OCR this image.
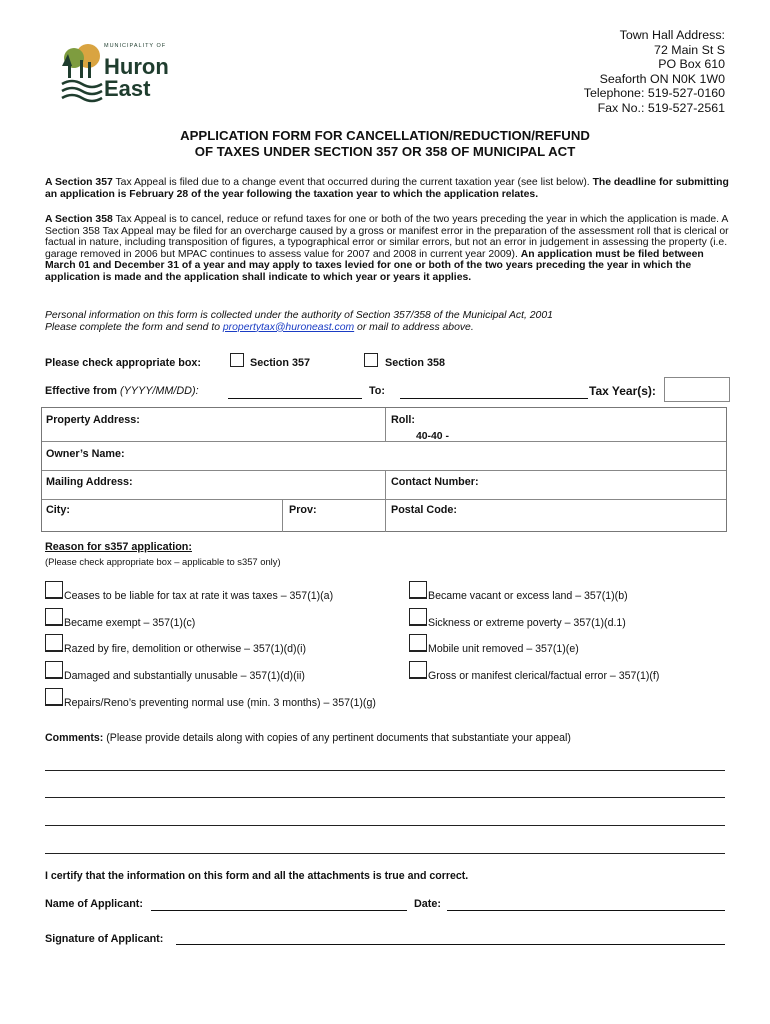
MUNICIPALITY OF
Huron
East
Town Hall Address:
72 Main St S
PO Box 610
Seaforth ON N0K 1W0
Telephone: 519-527-0160
Fax No.: 519-527-2561
APPLICATION FORM FOR CANCELLATION/REDUCTION/REFUND
OF TAXES UNDER SECTION 357 OR 358 OF MUNICIPAL ACT
A Section 357 Tax Appeal is filed due to a change event that occurred during the current taxation year (see list below). The deadline for submitting an application is February 28 of the year following the taxation year to which the application relates.
A Section 358 Tax Appeal is to cancel, reduce or refund taxes for one or both of the two years preceding the year in which the application is made. A Section 358 Tax Appeal may be filed for an overcharge caused by a gross or manifest error in the preparation of the assessment roll that is clerical or factual in nature, including transposition of figures, a typographical error or similar errors, but not an error in judgement in assessing the property (i.e. garage removed in 2006 but MPAC continues to assess value for 2007 and 2008 in current year 2009). An application must be filed between March 01 and December 31 of a year and may apply to taxes levied for one or both of the two years preceding the year in which the application is made and the application shall indicate to which year or years it applies.
Personal information on this form is collected under the authority of Section 357/358 of the Municipal Act, 2001
Please complete the form and send to propertytax@huroneast.com or mail to address above.
Please check appropriate box:	Section 357	Section 358
Effective from (YYYY/MM/DD):	To:	Tax Year(s):
Property Address:	Roll:
40-40 -
Owner’s Name:
Mailing Address:	Contact Number:
City:	Prov:	Postal Code:
Reason for s357 application:
(Please check appropriate box – applicable to s357 only)
Ceases to be liable for tax at rate it was taxes – 357(1)(a)
Became exempt – 357(1)(c)
Razed by fire, demolition or otherwise – 357(1)(d)(i)
Damaged and substantially unusable – 357(1)(d)(ii)
Repairs/Reno’s preventing normal use (min. 3 months) – 357(1)(g)
Became vacant or excess land – 357(1)(b)
Sickness or extreme poverty – 357(1)(d.1)
Mobile unit removed – 357(1)(e)
Gross or manifest clerical/factual error – 357(1)(f)
Comments: (Please provide details along with copies of any pertinent documents that substantiate your appeal)
I certify that the information on this form and all the attachments is true and correct.
Name of Applicant:	Date:
Signature of Applicant:
